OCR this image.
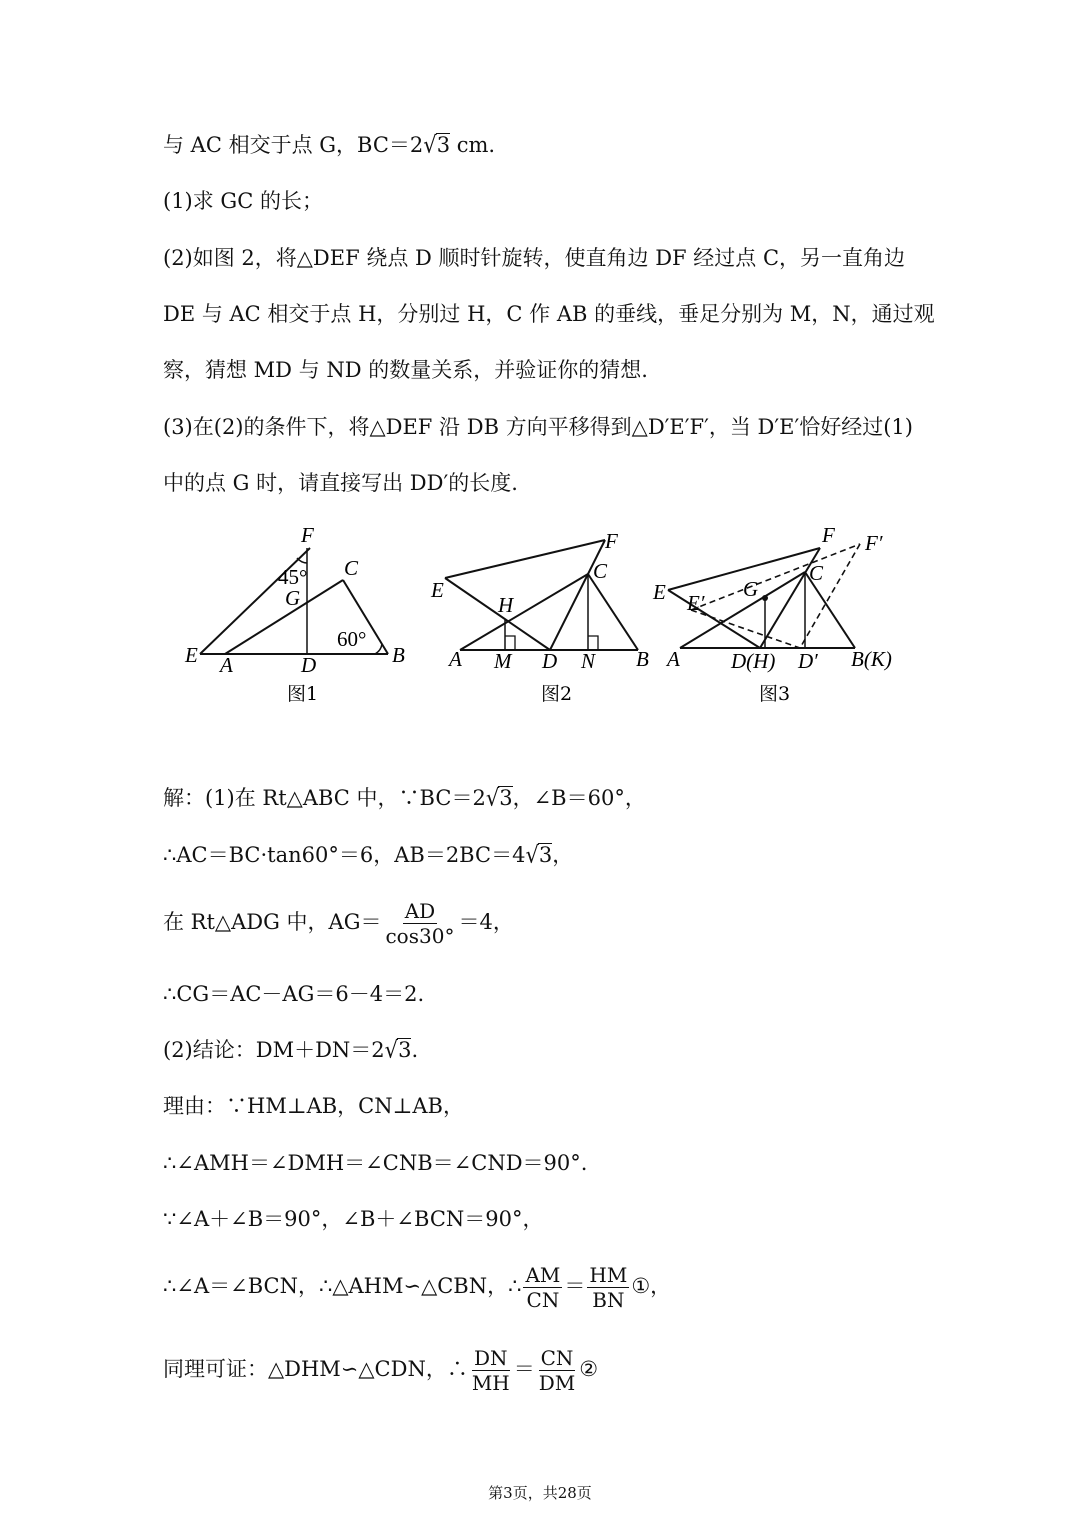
与 AC 相交于点 G，BC＝2√3 cm.
(1)求 GC 的长；
(2)如图 2，将△DEF 绕点 D 顺时针旋转，使直角边 DF 经过点 C，另一直角边
DE 与 AC 相交于点 H，分别过 H，C 作 AB 的垂线，垂足分别为 M，N，通过观
察，猜想 MD 与 ND 的数量关系，并验证你的猜想.
(3)在(2)的条件下，将△DEF 沿 DB 方向平移得到△D′E′F′，当 D′E′恰好经过(1)
中的点 G 时，请直接写出 DD′的长度.
F
C
G
E A	D	B
45°
60°
图1
F
C
E
H
A M D N B
图2
F F′
C
E E′
G
A D(H) D′ B(K)
图3
解：(1)在 Rt△ABC 中，∵BC＝2√3，∠B＝60°，
∴AC＝BC·tan60°＝6，AB＝2BC＝4√3，
在 Rt△ADG 中，$AG= \frac{AD}{\cos 30^\circ} =4$，
∴CG＝AC－AG＝6－4＝2.
(2)结论：DM＋DN＝2√3.
理由：∵HM⊥AB，CN⊥AB，
∴∠AMH＝∠DMH＝∠CNB＝∠CND＝90°.
∵∠A＋∠B＝90°，∠B＋∠BCN＝90°，
∴∠A＝∠BCN，∴△AHM∽△CBN，∴ $\frac{AM}{CN} = \frac{HM}{BN}$ ①，
同理可证：△DHM∽△CDN，∴ $\frac{DN}{MH} = \frac{CN}{DM}$ ②
第3页，共28页
